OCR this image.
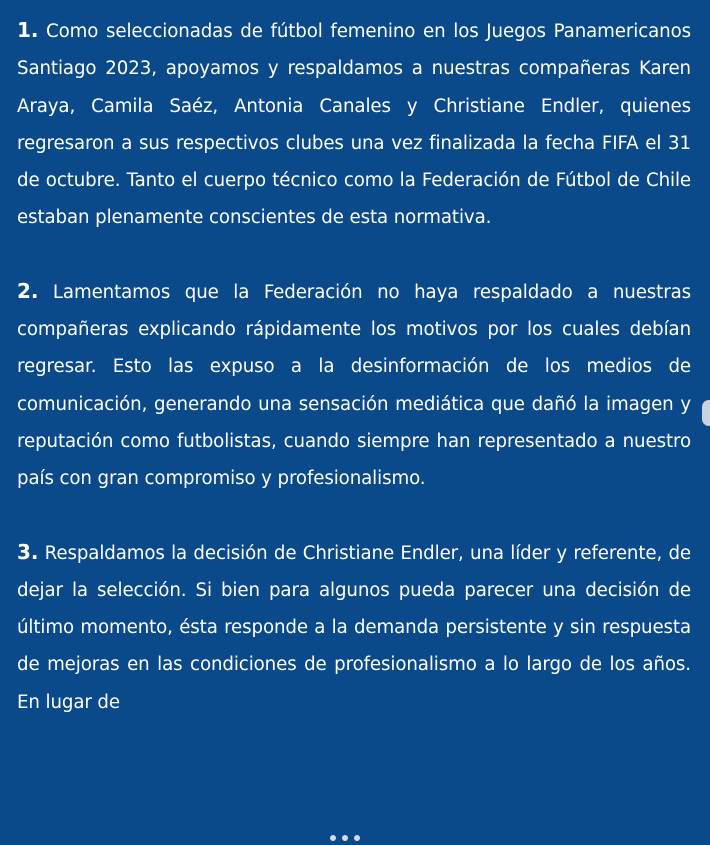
1. Como seleccionadas de fútbol femenino en los Juegos Panamericanos Santiago 2023, apoyamos y respaldamos a nuestras compañeras Karen Araya, Camila Saéz, Antonia Canales y Christiane Endler, quienes regresaron a sus respectivos clubes una vez finalizada la fecha FIFA el 31 de octubre. Tanto el cuerpo técnico como la Federación de Fútbol de Chile estaban plenamente conscientes de esta normativa.

2. Lamentamos que la Federación no haya respaldado a nuestras compañeras explicando rápidamente los motivos por los cuales debían regresar. Esto las expuso a la desinformación de los medios de comunicación, generando una sensación mediática que dañó la imagen y reputación como futbolistas, cuando siempre han representado a nuestro país con gran compromiso y profesionalismo.

3. Respaldamos la decisión de Christiane Endler, una líder y referente, de dejar la selección. Si bien para algunos pueda parecer una decisión de último momento, ésta responde a la demanda persistente y sin respuesta de mejoras en las condiciones de profesionalismo a lo largo de los años. En lugar de
